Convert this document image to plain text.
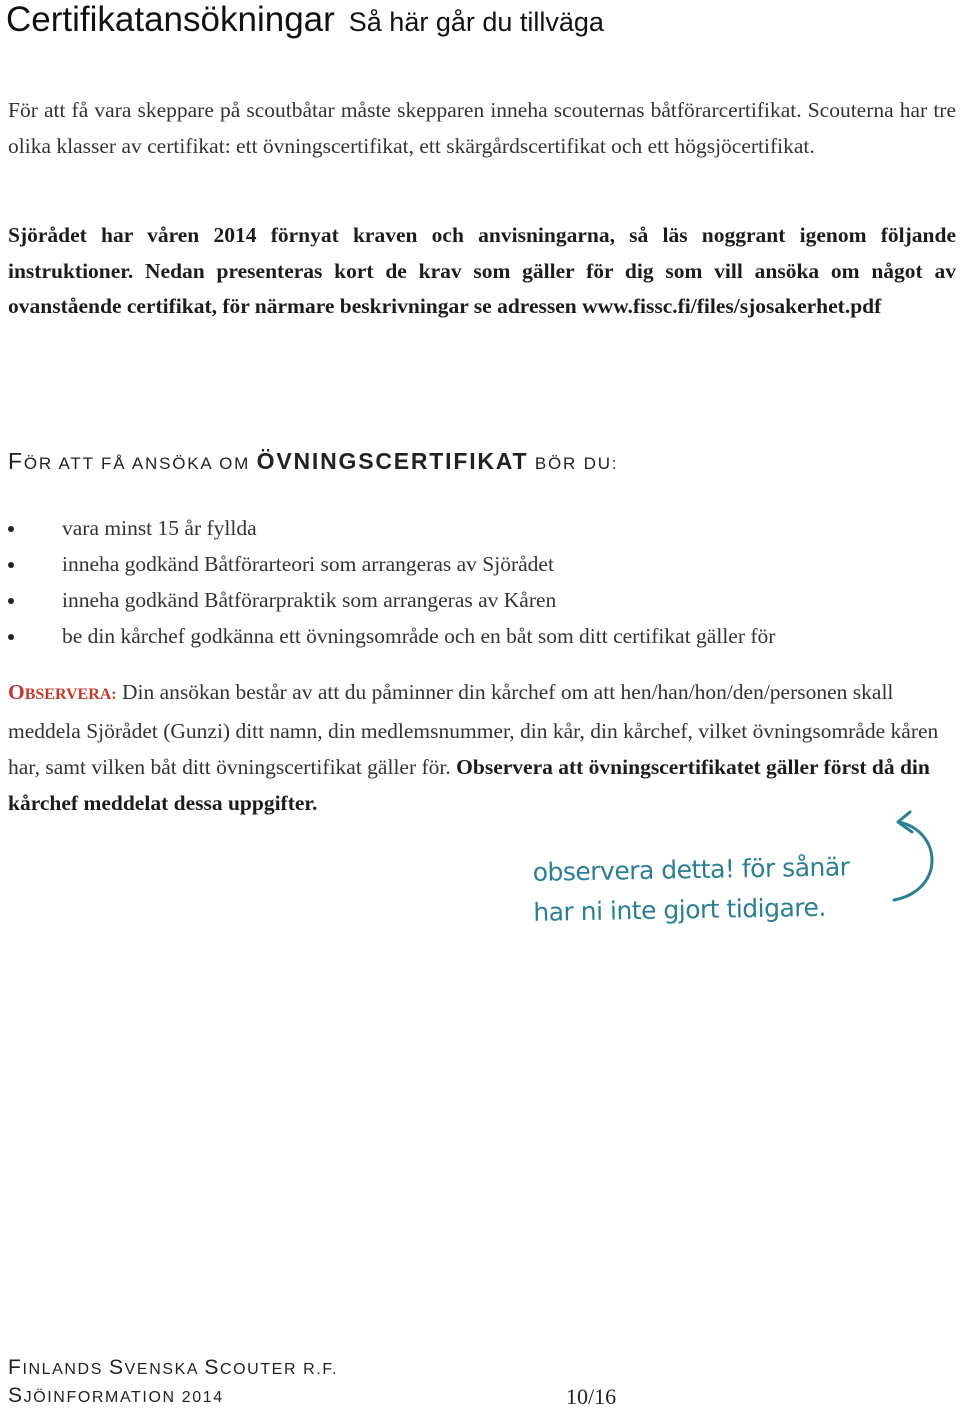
Certifikatansökningar Så här går du tillväga

För att få vara skeppare på scoutbåtar måste skepparen inneha scouternas båtförarcertifikat. Scouterna har tre olika klasser av certifikat: ett övningscertifikat, ett skärgårdscertifikat och ett högsjöcertifikat.

Sjörådet har våren 2014 förnyat kraven och anvisningarna, så läs noggrant igenom följande instruktioner. Nedan presenteras kort de krav som gäller för dig som vill ansöka om något av ovanstående certifikat, för närmare beskrivningar se adressen www.fissc.fi/files/sjosakerhet.pdf

FÖR ATT FÅ ANSÖKA OM ÖVNINGSCERTIFIKAT BÖR DU:
vara minst 15 år fyllda
inneha godkänd Båtförarteori som arrangeras av Sjörådet
inneha godkänd Båtförarpraktik som arrangeras av Kåren
be din kårchef godkänna ett övningsområde och en båt som ditt certifikat gäller för

OBSERVERA: Din ansökan består av att du påminner din kårchef om att hen/han/hon/den/personen skall meddela Sjörådet (Gunzi) ditt namn, din medlemsnummer, din kår, din kårchef, vilket övningsområde kåren har, samt vilken båt ditt övningscertifikat gäller för. Observera att övningscertifikatet gäller först då din kårchef meddelat dessa uppgifter.

observera detta! för sånär
har ni inte gjort tidigare.

FINLANDS SVENSKA SCOUTER R.F.

SJÖINFORMATION 2014	10/16
